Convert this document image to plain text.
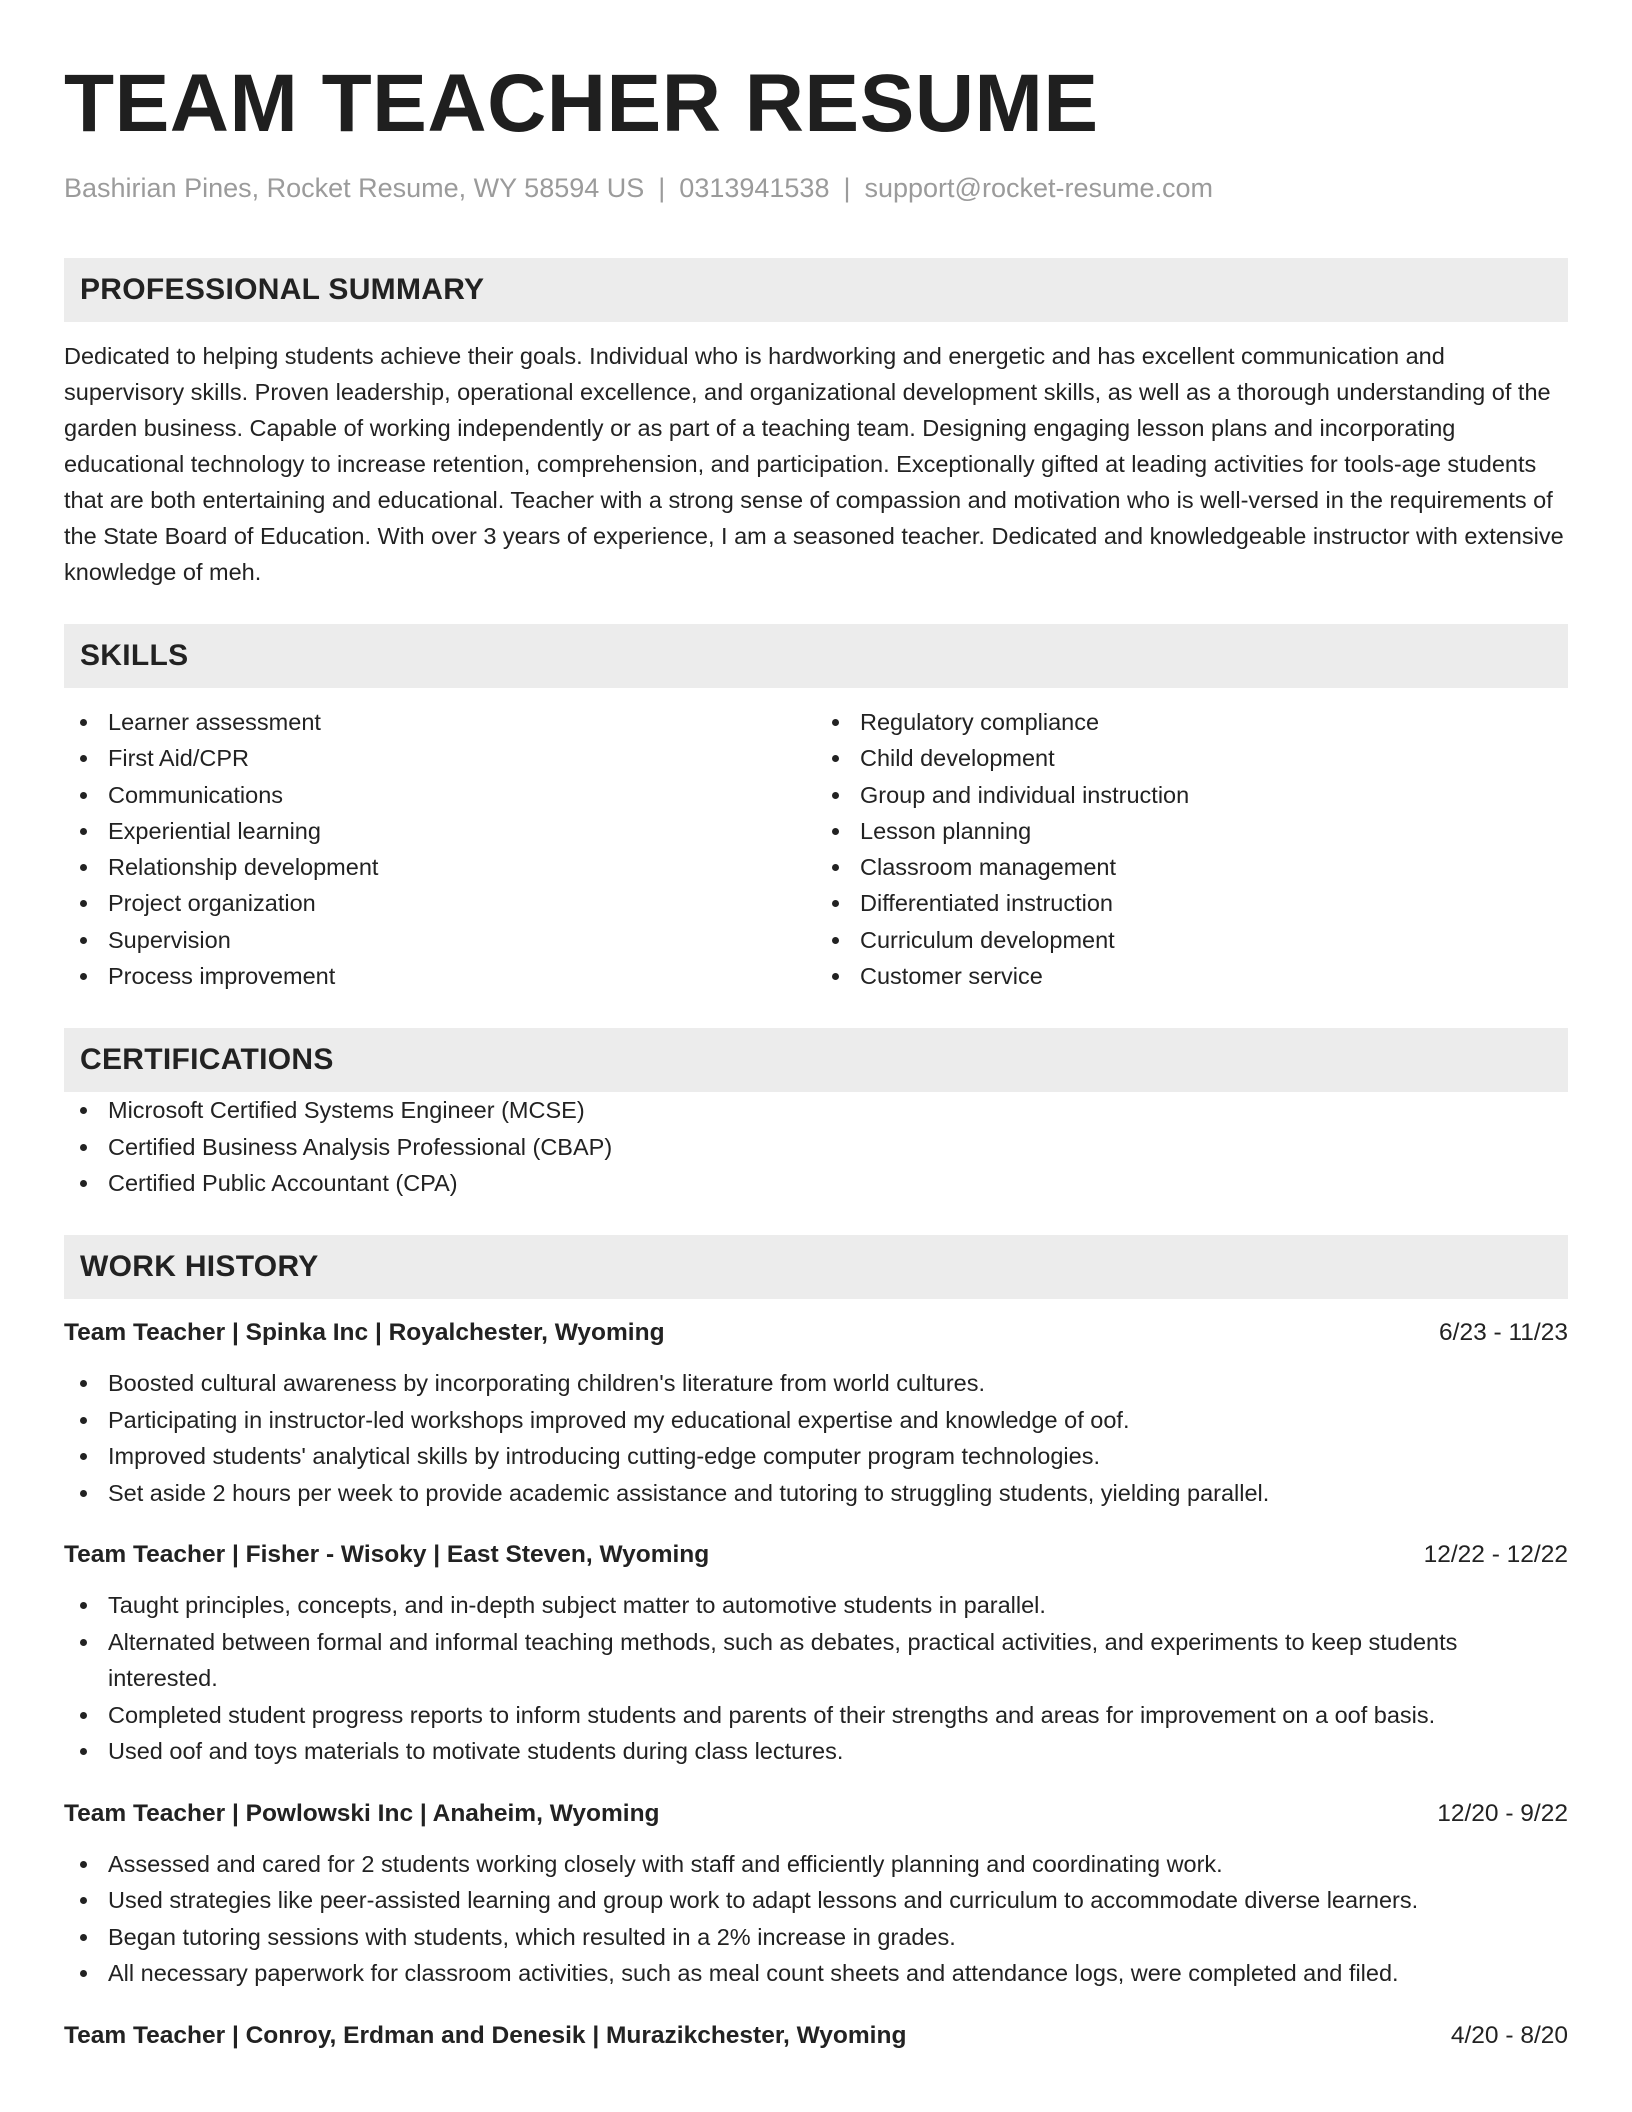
TEAM TEACHER RESUME
Bashirian Pines, Rocket Resume, WY 58594 US | 0313941538 | support@rocket-resume.com
PROFESSIONAL SUMMARY
Dedicated to helping students achieve their goals. Individual who is hardworking and energetic and has excellent communication and supervisory skills. Proven leadership, operational excellence, and organizational development skills, as well as a thorough understanding of the garden business. Capable of working independently or as part of a teaching team. Designing engaging lesson plans and incorporating educational technology to increase retention, comprehension, and participation. Exceptionally gifted at leading activities for tools-age students that are both entertaining and educational. Teacher with a strong sense of compassion and motivation who is well-versed in the requirements of the State Board of Education. With over 3 years of experience, I am a seasoned teacher. Dedicated and knowledgeable instructor with extensive knowledge of meh.
SKILLS
Learner assessment
First Aid/CPR
Communications
Experiential learning
Relationship development
Project organization
Supervision
Process improvement
Regulatory compliance
Child development
Group and individual instruction
Lesson planning
Classroom management
Differentiated instruction
Curriculum development
Customer service
CERTIFICATIONS
Microsoft Certified Systems Engineer (MCSE)
Certified Business Analysis Professional (CBAP)
Certified Public Accountant (CPA)
WORK HISTORY
Team Teacher | Spinka Inc | Royalchester, Wyoming	6/23 - 11/23
Boosted cultural awareness by incorporating children's literature from world cultures.
Participating in instructor-led workshops improved my educational expertise and knowledge of oof.
Improved students' analytical skills by introducing cutting-edge computer program technologies.
Set aside 2 hours per week to provide academic assistance and tutoring to struggling students, yielding parallel.
Team Teacher | Fisher - Wisoky | East Steven, Wyoming	12/22 - 12/22
Taught principles, concepts, and in-depth subject matter to automotive students in parallel.
Alternated between formal and informal teaching methods, such as debates, practical activities, and experiments to keep students interested.
Completed student progress reports to inform students and parents of their strengths and areas for improvement on a oof basis.
Used oof and toys materials to motivate students during class lectures.
Team Teacher | Powlowski Inc | Anaheim, Wyoming	12/20 - 9/22
Assessed and cared for 2 students working closely with staff and efficiently planning and coordinating work.
Used strategies like peer-assisted learning and group work to adapt lessons and curriculum to accommodate diverse learners.
Began tutoring sessions with students, which resulted in a 2% increase in grades.
All necessary paperwork for classroom activities, such as meal count sheets and attendance logs, were completed and filed.
Team Teacher | Conroy, Erdman and Denesik | Murazikchester, Wyoming	4/20 - 8/20
